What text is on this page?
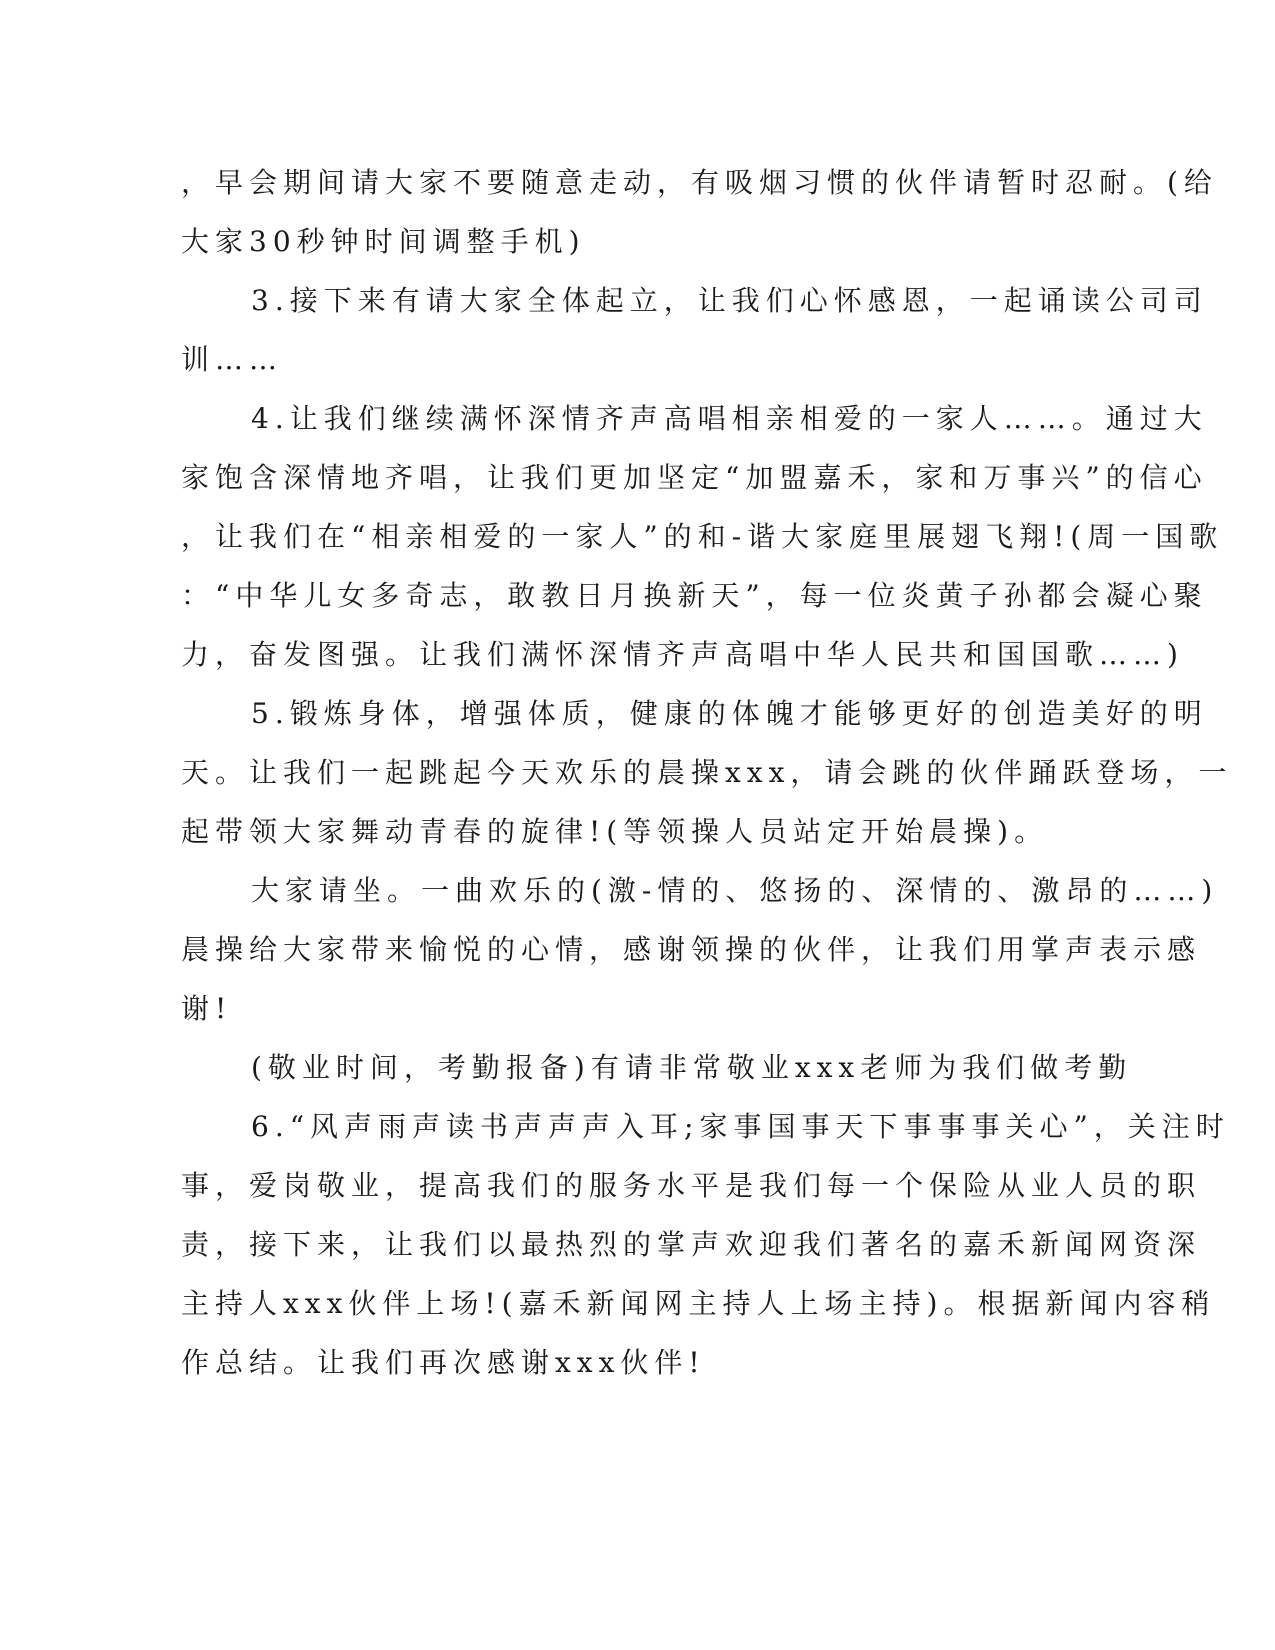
，早会期间请大家不要随意走动，有吸烟习惯的伙伴请暂时忍耐。(给
大家30秒钟时间调整手机)
3.接下来有请大家全体起立，让我们心怀感恩，一起诵读公司司
训……
4.让我们继续满怀深情齐声高唱相亲相爱的一家人……。通过大
家饱含深情地齐唱，让我们更加坚定“加盟嘉禾，家和万事兴”的信心
，让我们在“相亲相爱的一家人”的和-谐大家庭里展翅飞翔!(周一国歌
：“中华儿女多奇志，敢教日月换新天”，每一位炎黄子孙都会凝心聚
力，奋发图强。让我们满怀深情齐声高唱中华人民共和国国歌……)
5.锻炼身体，增强体质，健康的体魄才能够更好的创造美好的明
天。让我们一起跳起今天欢乐的晨操xxx，请会跳的伙伴踊跃登场，一
起带领大家舞动青春的旋律!(等领操人员站定开始晨操)。
大家请坐。一曲欢乐的(激-情的、悠扬的、深情的、激昂的……)
晨操给大家带来愉悦的心情，感谢领操的伙伴，让我们用掌声表示感
谢!
(敬业时间，考勤报备)有请非常敬业xxx老师为我们做考勤
6.“风声雨声读书声声声入耳;家事国事天下事事事关心”，关注时
事，爱岗敬业，提高我们的服务水平是我们每一个保险从业人员的职
责，接下来，让我们以最热烈的掌声欢迎我们著名的嘉禾新闻网资深
主持人xxx伙伴上场!(嘉禾新闻网主持人上场主持)。根据新闻内容稍
作总结。让我们再次感谢xxx伙伴!
